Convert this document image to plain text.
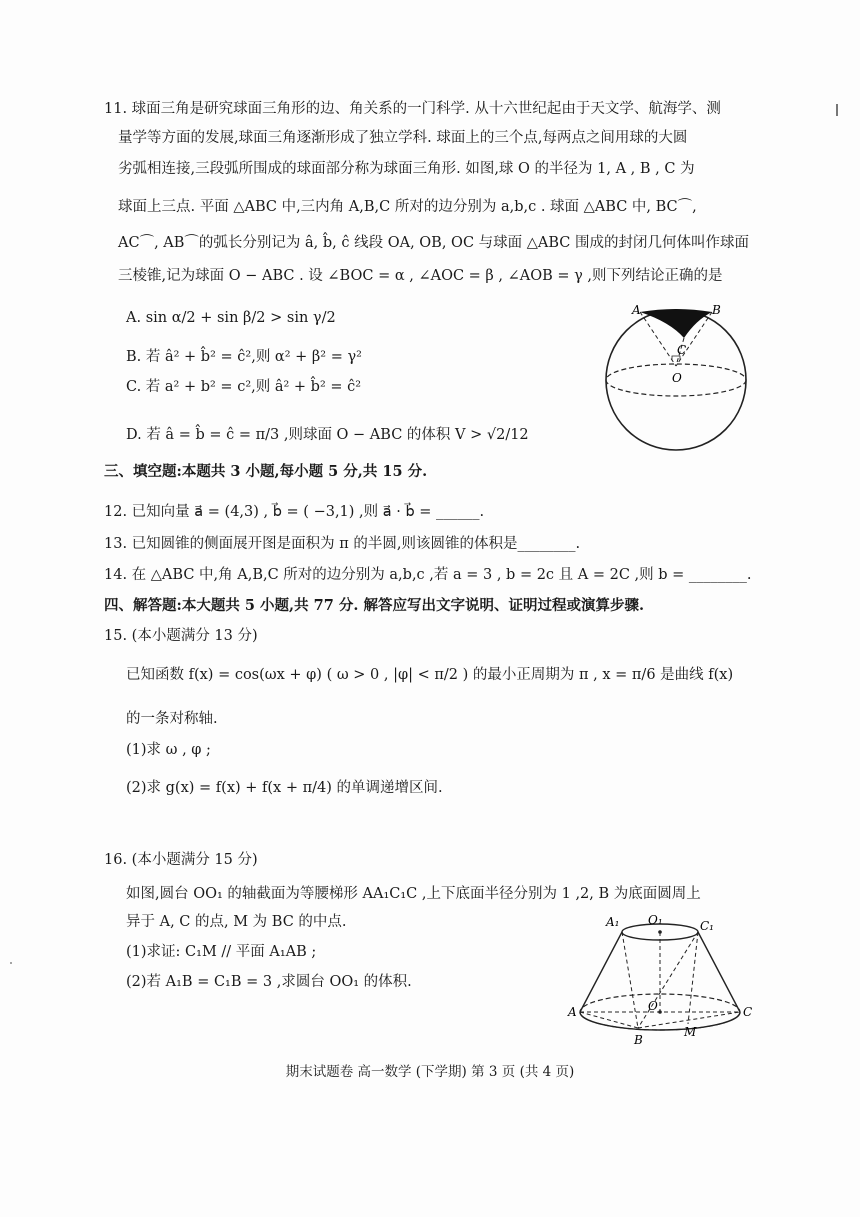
11. 球面三角是研究球面三角形的边、角关系的一门科学. 从十六世纪起由于天文学、航海学、测
量学等方面的发展,球面三角逐渐形成了独立学科. 球面上的三个点,每两点之间用球的大圆
劣弧相连接,三段弧所围成的球面部分称为球面三角形. 如图,球 O 的半径为 1, A , B , C 为
球面上三点. 平面 △ABC 中,三内角 A,B,C 所对的边分别为 a,b,c . 球面 △ABC 中, BC⌒,
AC⌒, AB⌒的弧长分别记为 â, b̂, ĉ 线段 OA, OB, OC 与球面 △ABC 围成的封闭几何体叫作球面
三棱锥,记为球面 O − ABC . 设 ∠BOC = α , ∠AOC = β , ∠AOB = γ ,则下列结论正确的是
A. sin α/2 + sin β/2 > sin γ/2
B. 若 â² + b̂² = ĉ²,则 α² + β² = γ²
C. 若 a² + b² = c²,则 â² + b̂² = ĉ²
D. 若 â = b̂ = ĉ = π/3 ,则球面 O − ABC 的体积 V > √2/12
A	B
C
O
三、填空题:本题共 3 小题,每小题 5 分,共 15 分.
12. 已知向量 a⃗ = (4,3) , b⃗ = ( −3,1) ,则 a⃗ · b⃗ = ______.
13. 已知圆锥的侧面展开图是面积为 π 的半圆,则该圆锥的体积是________.
14. 在 △ABC 中,角 A,B,C 所对的边分别为 a,b,c ,若 a = 3 , b = 2c 且 A = 2C ,则 b = ________.
四、解答题:本大题共 5 小题,共 77 分. 解答应写出文字说明、证明过程或演算步骤.
15. (本小题满分 13 分)
已知函数 f(x) = cos(ωx + φ) ( ω > 0 , |φ| < π/2 ) 的最小正周期为 π , x = π/6 是曲线 f(x)
的一条对称轴.
(1)求 ω , φ ;
(2)求 g(x) = f(x) + f(x + π/4) 的单调递增区间.
16. (本小题满分 15 分)
如图,圆台 OO₁ 的轴截面为等腰梯形 AA₁C₁C ,上下底面半径分别为 1 ,2, B 为底面圆周上
异于 A, C 的点, M 为 BC 的中点.
(1)求证: C₁M // 平面 A₁AB ;
(2)若 A₁B = C₁B = 3 ,求圆台 OO₁ 的体积.
A₁ O₁	C₁
A	O	C
B
M
期末试题卷 高一数学 (下学期) 第 3 页 (共 4 页)
